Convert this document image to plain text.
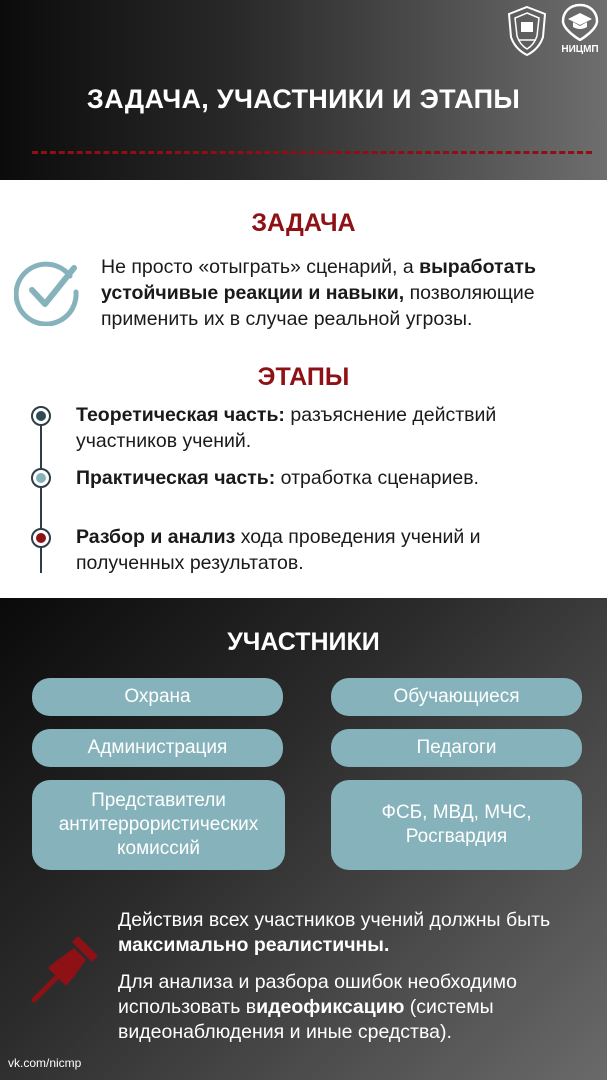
НИЦМП
ЗАДАЧА, УЧАСТНИКИ И ЭТАПЫ
ЗАДАЧА
Не просто «отыграть» сценарий, а выработать устойчивые реакции и навыки, позволяющие применить их в случае реальной угрозы.
ЭТАПЫ
Теоретическая часть: разъяснение действий участников учений.
Практическая часть: отработка сценариев.
Разбор и анализ хода проведения учений и полученных результатов.
УЧАСТНИКИ
Охрана	Обучающиеся
Администрация	Педагоги
Представители антитеррористических комиссий
ФСБ, МВД, МЧС, Росгвардия
Действия всех участников учений должны быть максимально реалистичны.
Для анализа и разбора ошибок необходимо использовать видеофиксацию (системы видеонаблюдения и иные средства).
vk.com/nicmp
